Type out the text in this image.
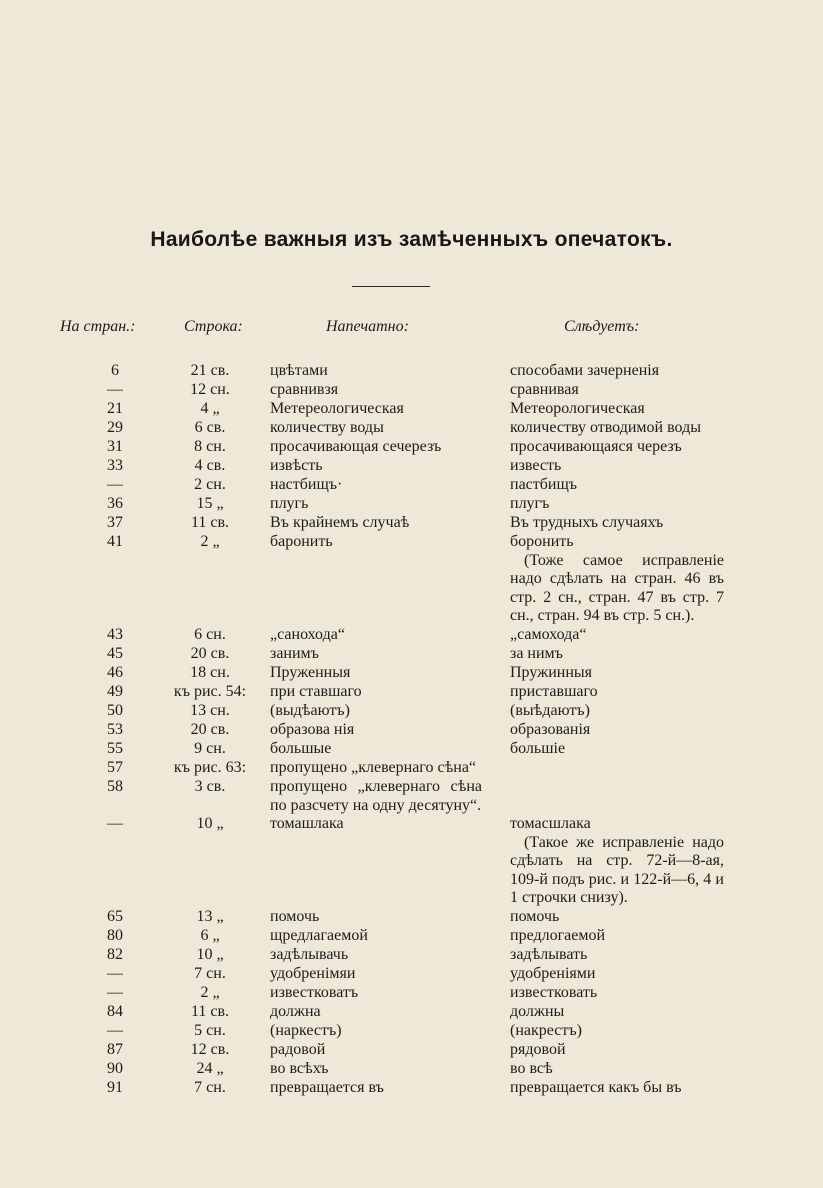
Наиболѣе важныя изъ замѣченныхъ опечатокъ.
На стран.:	Строка:	Напечатно:	Слѣдуетъ:
6	21 св.	цвѣтами	способами зачерненія
—	12 сн.	сравнивзя	сравнивая
21	4 „	Метереологическая	Метеорологическая
29	6 св.	количеству воды	количеству отводимой воды
31	8 сн.	просачивающая сечерезъ	просачивающаяся черезъ
33	4 св.	извѣсть	известь
—	2 сн.	настбищъ·	пастбищъ
36	15 „	плугь	плугъ
37	11 св.	Въ крайнемъ случаѣ	Въ трудныхъ случаяхъ
41	2 „	баронить	боронить
(Тоже самое исправленіе надо сдѣлать на стран. 46 въ стр. 2 сн., стран. 47 въ стр. 7 сн., стран. 94 въ стр. 5 сн.).
43	6 сн.	„санохода“	„самохода“
45	20 св.	занимъ	за нимъ
46	18 сн.	Пруженныя	Пружинныя
49	къ рис. 54:	при ставшаго	приставшаго
50	13 сн.	(выдѣаютъ)	(выѣдаютъ)
53	20 св.	образова нія	образованія
55	9 сн.	большые	большіе
57	къ рис. 63:	пропущено „клевернаго сѣна“
58	3 св.	пропущено „клевернаго сѣна по разсчету на одну десятуну“.
—	10 „	томашлака	томасшлака
(Такое же исправленіе надо сдѣлать на стр. 72-й—8-ая, 109-й подъ рис. и 122-й—6, 4 и 1 строчки снизу).
65	13 „	помочь	помочь
80	6 „	щредлагаемой	предлогаемой
82	10 „	задѣлывачь	задѣлывать
—	7 сн.	удобренімяи	удобреніями
—	2 „	известковатъ	известковать
84	11 св.	должна	должны
—	5 сн.	(наркестъ)	(накрестъ)
87	12 св.	радовой	рядовой
90	24 „	во всѣхъ	во всѣ
91	7 сн.	превращается въ	превращается какъ бы въ
